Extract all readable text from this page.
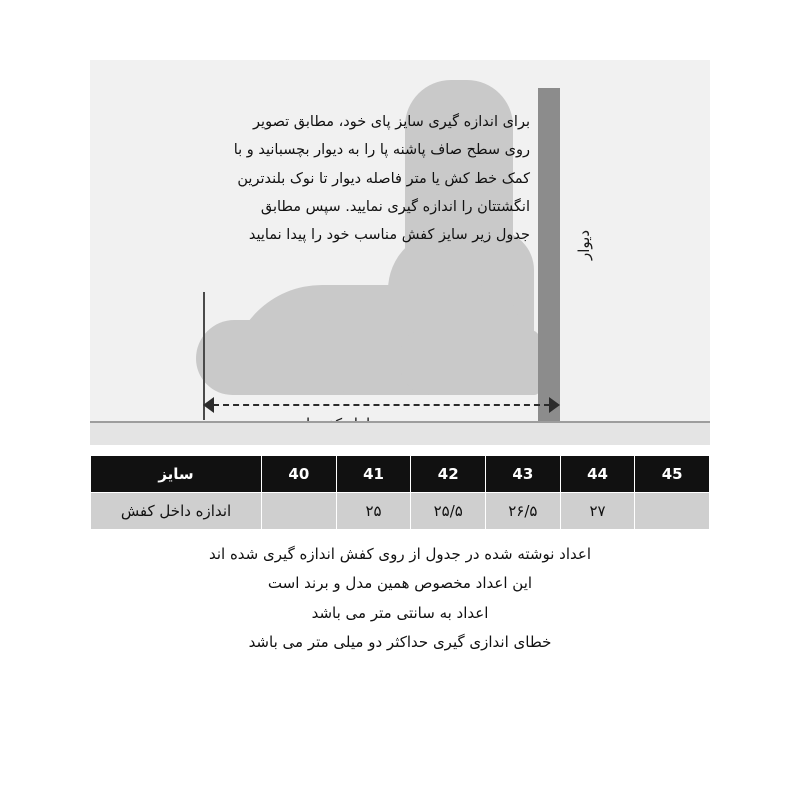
دیوار
برای اندازه گیری سایز پای خود، مطابق تصویر روی سطح صاف پاشنه پا را به دیوار بچسبانید و با کمک خط کش یا متر فاصله دیوار تا نوک بلندترین انگشتتان را اندازه گیری نمایید. سپس مطابق جدول زیر سایز کفش مناسب خود را پیدا نمایید
45	44	43	42	41	40	سایز
	۲۷	۲۶/۵	۲۵/۵	۲۵		اندازه داخل کفش
اعداد نوشته شده در جدول از روی کفش اندازه گیری شده اند
این اعداد مخصوص همین مدل و برند است
اعداد به سانتی متر می باشد
خطای اندازی گیری حداکثر دو میلی متر می باشد
